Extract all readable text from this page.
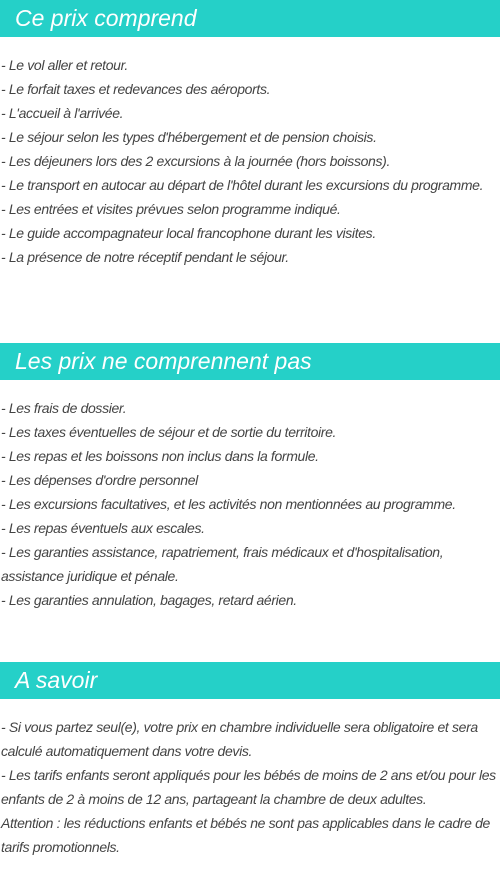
Ce prix comprend
- Le vol aller et retour.
- Le forfait taxes et redevances des aéroports.
- L'accueil à l'arrivée.
- Le séjour selon les types d'hébergement et de pension choisis.
- Les déjeuners lors des 2 excursions à la journée (hors boissons).
- Le transport en autocar au départ de l'hôtel durant les excursions du programme.
- Les entrées et visites prévues selon programme indiqué.
- Le guide accompagnateur local francophone durant les visites.
- La présence de notre réceptif pendant le séjour.
Les prix ne comprennent pas
- Les frais de dossier.
- Les taxes éventuelles de séjour et de sortie du territoire.
- Les repas et les boissons non inclus dans la formule.
- Les dépenses d'ordre personnel
- Les excursions facultatives, et les activités non mentionnées au programme.
- Les repas éventuels aux escales.
- Les garanties assistance, rapatriement, frais médicaux et d'hospitalisation, assistance juridique et pénale.
- Les garanties annulation, bagages, retard aérien.
A savoir
- Si vous partez seul(e), votre prix en chambre individuelle sera obligatoire et sera calculé automatiquement dans votre devis.
- Les tarifs enfants seront appliqués pour les bébés de moins de 2 ans et/ou pour les enfants de 2 à moins de 12 ans, partageant la chambre de deux adultes.
Attention : les réductions enfants et bébés ne sont pas applicables dans le cadre de tarifs promotionnels.
